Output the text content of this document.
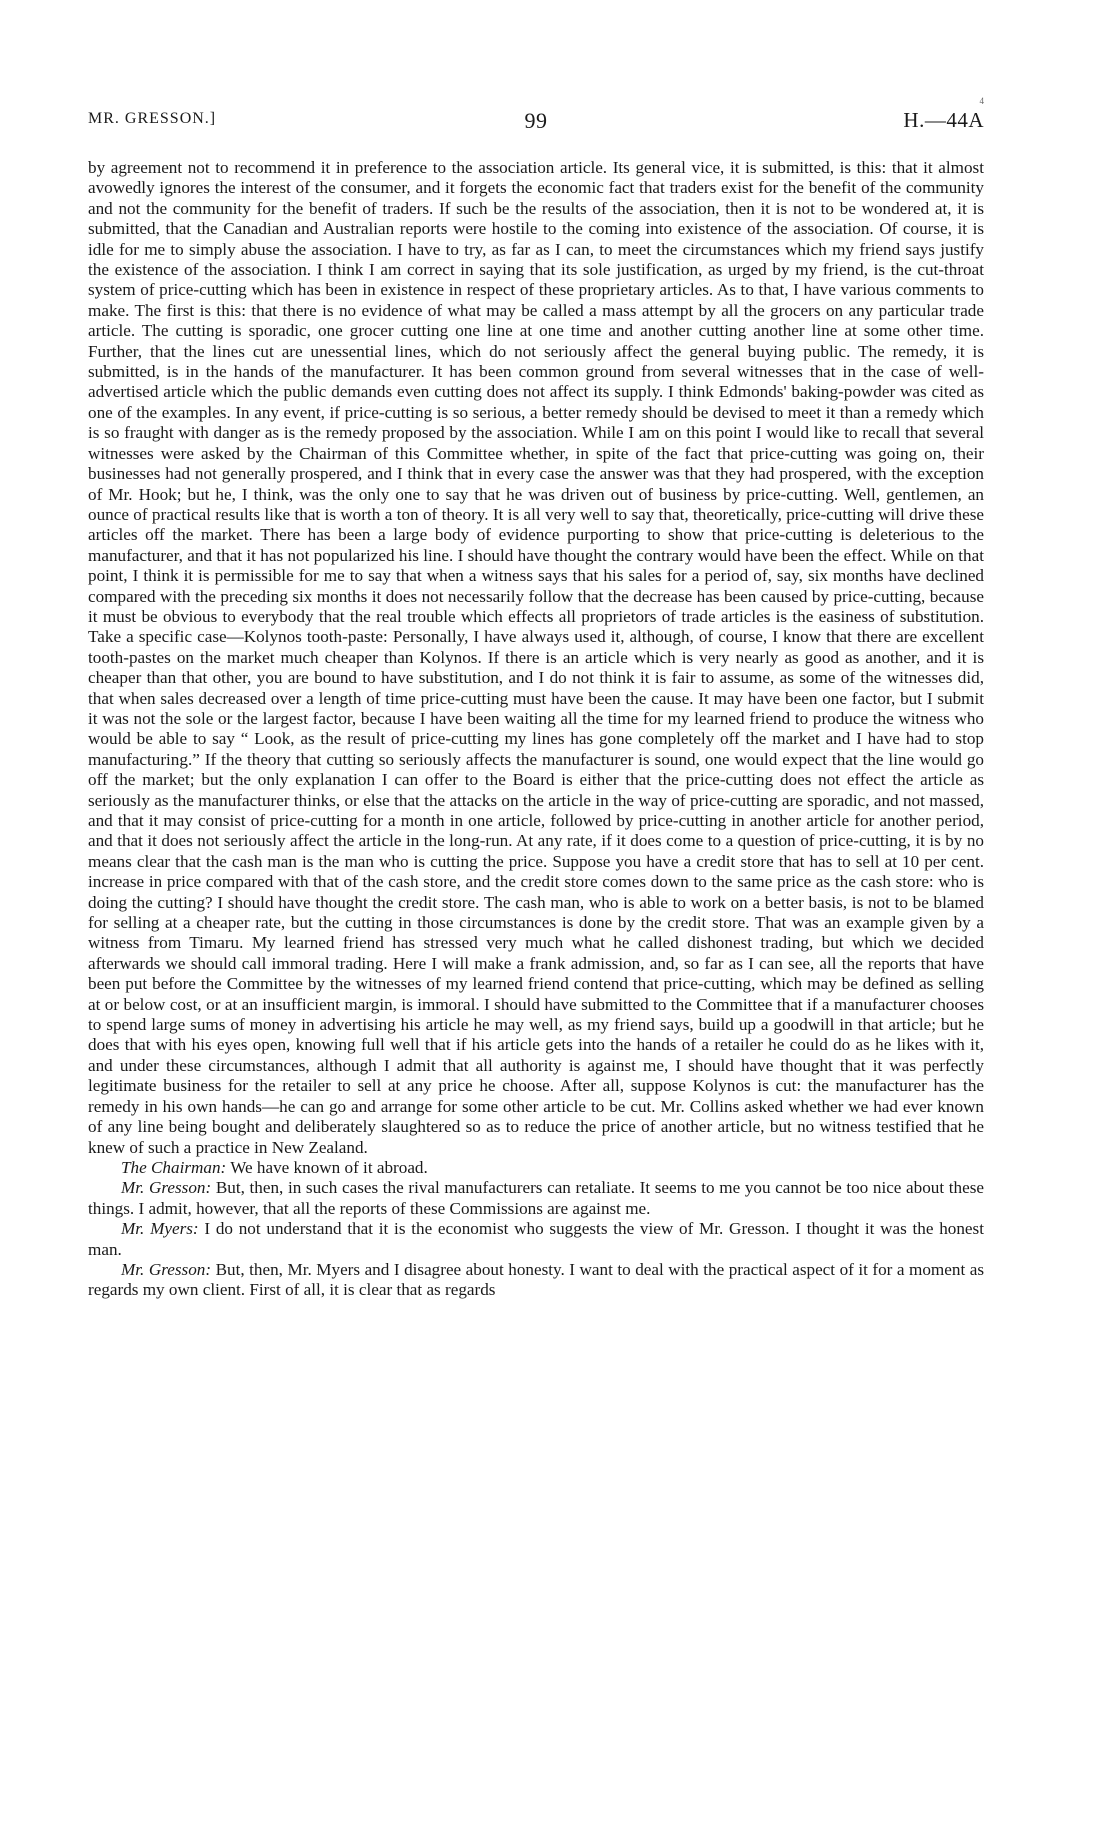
MR. GRESSON.]	99	H.—44A
4

by agreement not to recommend it in preference to the association article. Its general vice, it is submitted, is this: that it almost avowedly ignores the interest of the consumer, and it forgets the economic fact that traders exist for the benefit of the community and not the community for the benefit of traders. If such be the results of the association, then it is not to be wondered at, it is submitted, that the Canadian and Australian reports were hostile to the coming into existence of the association. Of course, it is idle for me to simply abuse the association. I have to try, as far as I can, to meet the circumstances which my friend says justify the existence of the association. I think I am correct in saying that its sole justification, as urged by my friend, is the cut-throat system of price-cutting which has been in existence in respect of these proprietary articles. As to that, I have various comments to make. The first is this: that there is no evidence of what may be called a mass attempt by all the grocers on any particular trade article. The cutting is sporadic, one grocer cutting one line at one time and another cutting another line at some other time. Further, that the lines cut are unessential lines, which do not seriously affect the general buying public. The remedy, it is submitted, is in the hands of the manufacturer. It has been common ground from several witnesses that in the case of well-advertised article which the public demands even cutting does not affect its supply. I think Edmonds' baking-powder was cited as one of the examples. In any event, if price-cutting is so serious, a better remedy should be devised to meet it than a remedy which is so fraught with danger as is the remedy proposed by the association. While I am on this point I would like to recall that several witnesses were asked by the Chairman of this Committee whether, in spite of the fact that price-cutting was going on, their businesses had not generally prospered, and I think that in every case the answer was that they had prospered, with the exception of Mr. Hook; but he, I think, was the only one to say that he was driven out of business by price-cutting. Well, gentlemen, an ounce of practical results like that is worth a ton of theory. It is all very well to say that, theoretically, price-cutting will drive these articles off the market. There has been a large body of evidence purporting to show that price-cutting is deleterious to the manufacturer, and that it has not popularized his line. I should have thought the contrary would have been the effect. While on that point, I think it is permissible for me to say that when a witness says that his sales for a period of, say, six months have declined compared with the preceding six months it does not necessarily follow that the decrease has been caused by price-cutting, because it must be obvious to everybody that the real trouble which effects all proprietors of trade articles is the easiness of substitution. Take a specific case—Kolynos tooth-paste: Personally, I have always used it, although, of course, I know that there are excellent tooth-pastes on the market much cheaper than Kolynos. If there is an article which is very nearly as good as another, and it is cheaper than that other, you are bound to have substitution, and I do not think it is fair to assume, as some of the witnesses did, that when sales decreased over a length of time price-cutting must have been the cause. It may have been one factor, but I submit it was not the sole or the largest factor, because I have been waiting all the time for my learned friend to produce the witness who would be able to say “ Look, as the result of price-cutting my lines has gone completely off the market and I have had to stop manufacturing.” If the theory that cutting so seriously affects the manufacturer is sound, one would expect that the line would go off the market; but the only explanation I can offer to the Board is either that the price-cutting does not effect the article as seriously as the manufacturer thinks, or else that the attacks on the article in the way of price-cutting are sporadic, and not massed, and that it may consist of price-cutting for a month in one article, followed by price-cutting in another article for another period, and that it does not seriously affect the article in the long-run. At any rate, if it does come to a question of price-cutting, it is by no means clear that the cash man is the man who is cutting the price. Suppose you have a credit store that has to sell at 10 per cent. increase in price compared with that of the cash store, and the credit store comes down to the same price as the cash store: who is doing the cutting? I should have thought the credit store. The cash man, who is able to work on a better basis, is not to be blamed for selling at a cheaper rate, but the cutting in those circumstances is done by the credit store. That was an example given by a witness from Timaru. My learned friend has stressed very much what he called dishonest trading, but which we decided afterwards we should call immoral trading. Here I will make a frank admission, and, so far as I can see, all the reports that have been put before the Committee by the witnesses of my learned friend contend that price-cutting, which may be defined as selling at or below cost, or at an insufficient margin, is immoral. I should have submitted to the Committee that if a manufacturer chooses to spend large sums of money in advertising his article he may well, as my friend says, build up a goodwill in that article; but he does that with his eyes open, knowing full well that if his article gets into the hands of a retailer he could do as he likes with it, and under these circumstances, although I admit that all authority is against me, I should have thought that it was perfectly legitimate business for the retailer to sell at any price he choose. After all, suppose Kolynos is cut: the manufacturer has the remedy in his own hands—he can go and arrange for some other article to be cut. Mr. Collins asked whether we had ever known of any line being bought and deliberately slaughtered so as to reduce the price of another article, but no witness testified that he knew of such a practice in New Zealand.

The Chairman: We have known of it abroad.

Mr. Gresson: But, then, in such cases the rival manufacturers can retaliate. It seems to me you cannot be too nice about these things. I admit, however, that all the reports of these Commissions are against me.

Mr. Myers: I do not understand that it is the economist who suggests the view of Mr. Gresson. I thought it was the honest man.

Mr. Gresson: But, then, Mr. Myers and I disagree about honesty. I want to deal with the practical aspect of it for a moment as regards my own client. First of all, it is clear that as regards
